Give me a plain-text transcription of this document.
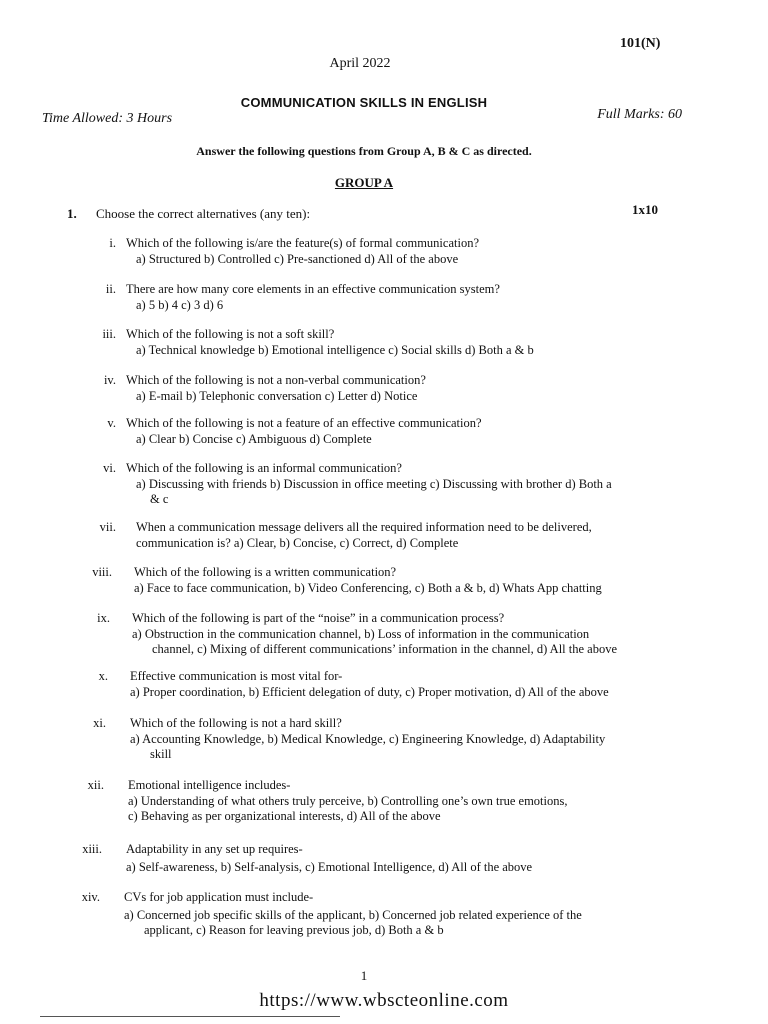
101(N)
April 2022
COMMUNICATION SKILLS IN ENGLISH
Time Allowed: 3 Hours	Full Marks: 60
Answer the following questions from Group A, B & C as directed.
GROUP A
1. Choose the correct alternatives (any ten):	1x10
i. Which of the following is/are the feature(s) of formal communication?
a) Structured b) Controlled c) Pre-sanctioned d) All of the above
ii. There are how many core elements in an effective communication system?
a) 5 b) 4 c) 3 d) 6
iii. Which of the following is not a soft skill?
a) Technical knowledge b) Emotional intelligence c) Social skills d) Both a & b
iv. Which of the following is not a non-verbal communication?
a) E-mail b) Telephonic conversation c) Letter d) Notice
v. Which of the following is not a feature of an effective communication?
a) Clear b) Concise c) Ambiguous d) Complete
vi. Which of the following is an informal communication?
a) Discussing with friends b) Discussion in office meeting c) Discussing with brother d) Both a
& c
vii. When a communication message delivers all the required information need to be delivered,
communication is? a) Clear, b) Concise, c) Correct, d) Complete
viii. Which of the following is a written communication?
a) Face to face communication, b) Video Conferencing, c) Both a & b, d) Whats App chatting
ix. Which of the following is part of the “noise” in a communication process?
a) Obstruction in the communication channel, b) Loss of information in the communication
channel, c) Mixing of different communications’ information in the channel, d) All the above
x. Effective communication is most vital for-
a) Proper coordination, b) Efficient delegation of duty, c) Proper motivation, d) All of the above
xi. Which of the following is not a hard skill?
a) Accounting Knowledge, b) Medical Knowledge, c) Engineering Knowledge, d) Adaptability
skill
xii. Emotional intelligence includes-
a) Understanding of what others truly perceive, b) Controlling one’s own true emotions,
c) Behaving as per organizational interests, d) All of the above
xiii. Adaptability in any set up requires-
a) Self-awareness, b) Self-analysis, c) Emotional Intelligence, d) All of the above
xiv. CVs for job application must include-
a) Concerned job specific skills of the applicant, b) Concerned job related experience of the
applicant, c) Reason for leaving previous job, d) Both a & b
1
https://www.wbscteonline.com
